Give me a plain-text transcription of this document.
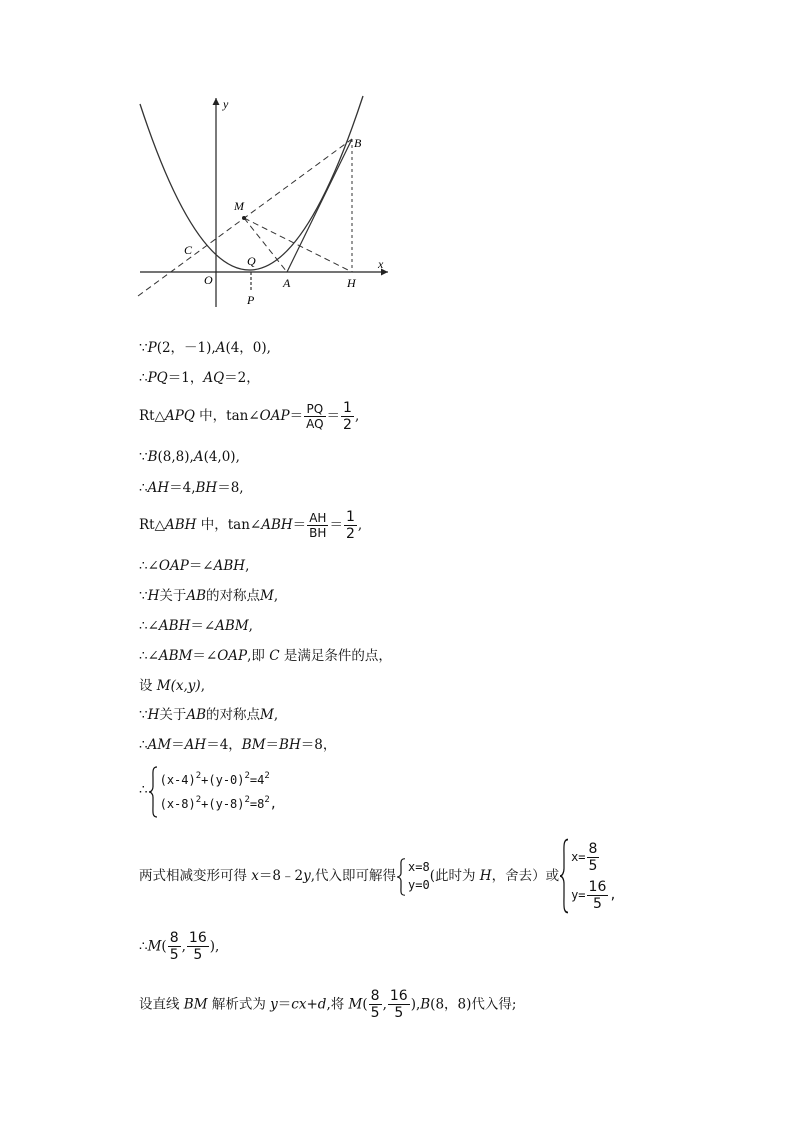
y
x
B
M
C
Q
O
P
A	H
∵P(2，－1),A(4，0),
∴PQ＝1，AQ＝2，
Rt△APQ 中，tan∠OAP＝ $\frac{PQ}{AQ} = \frac{1}{2}$ ,
∵B(8,8),A(4,0),
∴AH＝4,BH＝8,
Rt△ABH 中，tan∠ABH＝ $\frac{AH}{BH} = \frac{1}{2}$ ,
∴∠OAP＝∠ABH,
∵H关于AB的对称点M,
∴∠ABH＝∠ABM,
∴∠ABM＝∠OAP,即 C 是满足条件的点，
设 M(x,y),
∵H关于AB的对称点M,
∴AM＝AH＝4，BM＝BH＝8，
∴
$(x-4)^2+(y-0)^2=4^2$
$(x-8)^2+(y-8)^2=8^2$,
两式相减变形可得 x＝8﹣2y,代入即可解得
x=8
y=0
(此时为 H，舍去）或
$x= \frac{8}{5}$
$y= \frac{16}{5}$ ,
∴M( $\frac{8}{5}$ , $\frac{16}{5}$ ),
设直线 BM 解析式为 y＝cx+d,将 $M( \frac{8}{5}$ , $\frac{16}{5} ),B(8$，8)代入得;
